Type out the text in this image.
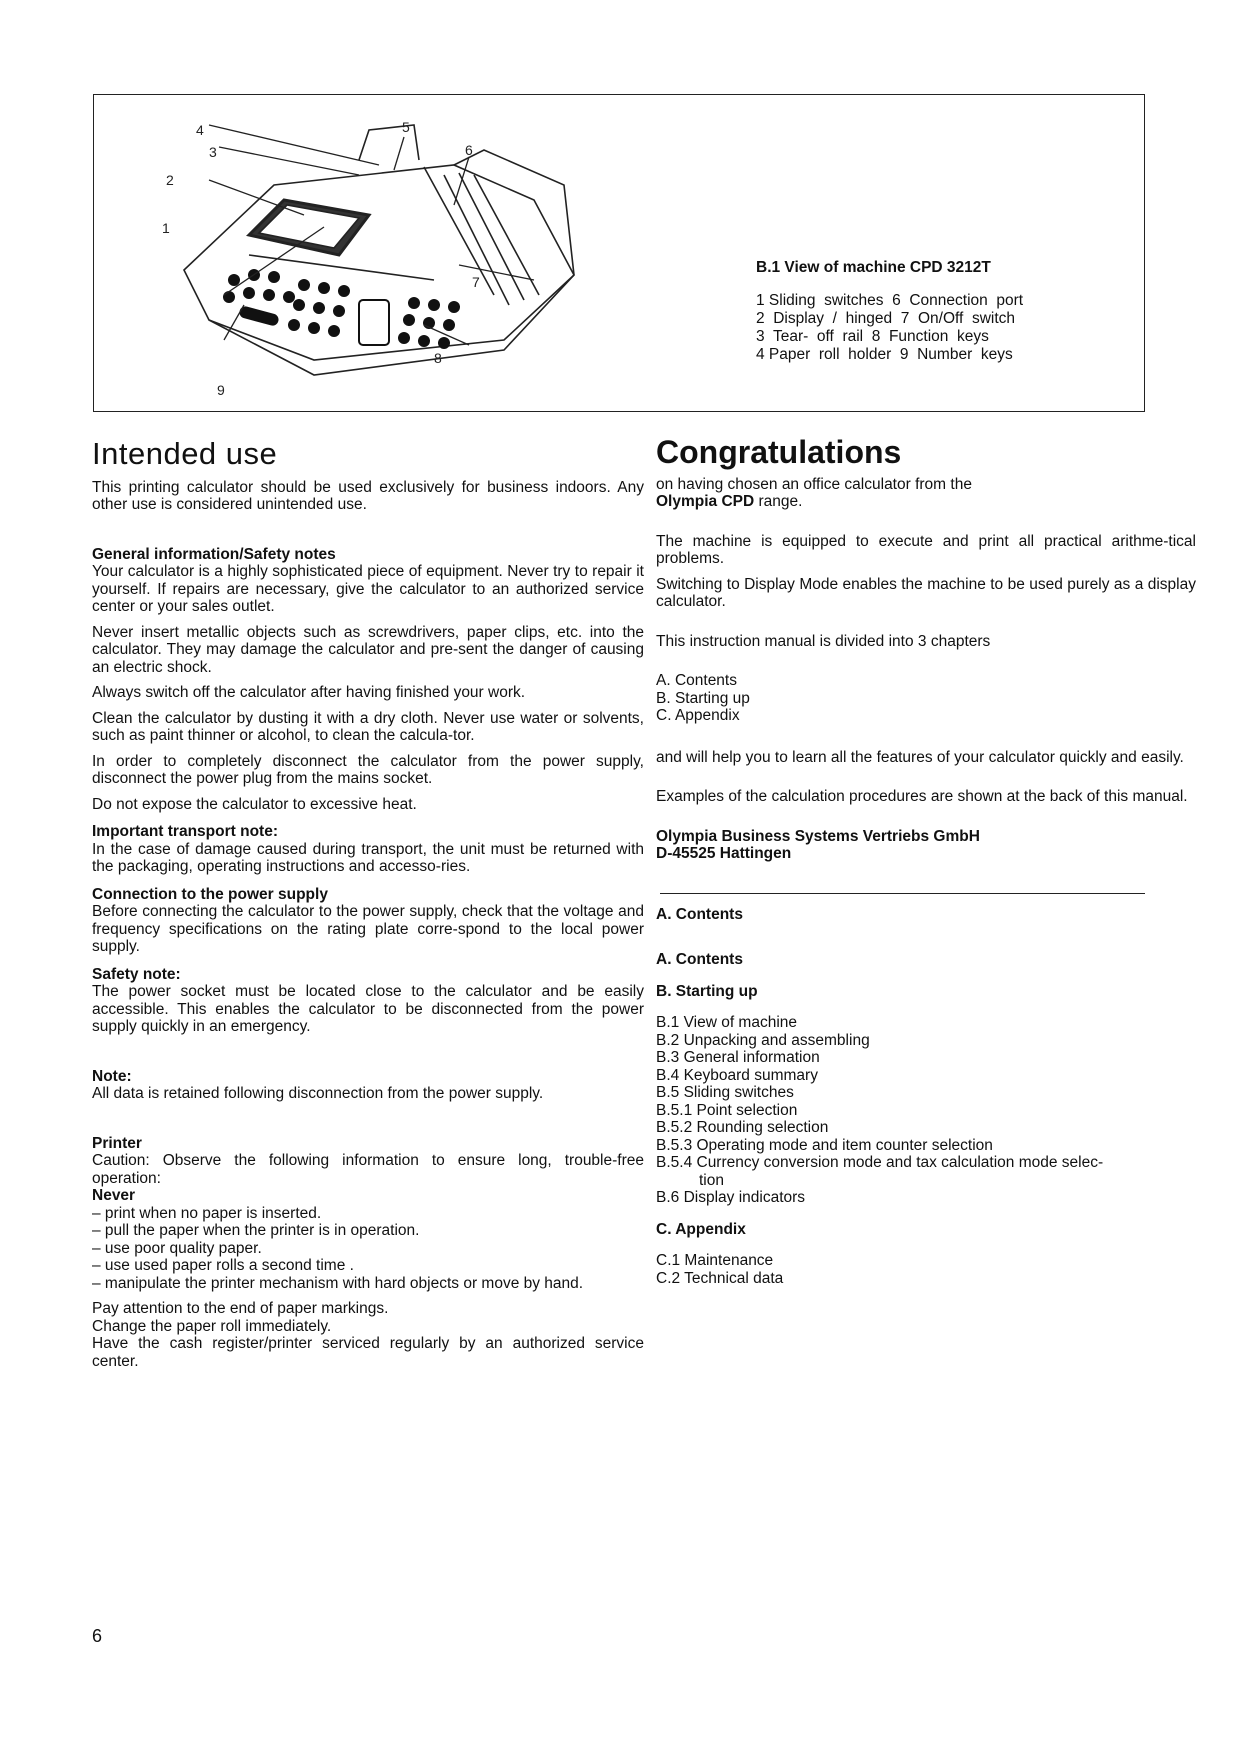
1
2
3
4	5
6
7
8
9
B.1 View of machine CPD 3212T
1 Sliding  switches  6  Connection  port
2  Display  /  hinged  7  On/Off  switch
3  Tear-  off  rail  8  Function  keys
4 Paper  roll  holder  9  Number  keys
Intended use

This printing calculator should be used exclusively for business indoors. Any other use is considered unintended use.

General information/Safety notes

Your calculator is a highly sophisticated piece of equipment. Never try to repair it yourself. If repairs are necessary, give the calculator to an authorized service center or your sales outlet.

Never insert metallic objects such as screwdrivers, paper clips, etc. into the calculator. They may damage the calculator and pre-sent the danger of causing an electric shock.

Always switch off the calculator after having finished your work.

Clean the calculator by dusting it with a dry cloth. Never use water or solvents, such as paint thinner or alcohol, to clean the calcula-tor.

In order to completely disconnect the calculator from the power supply, disconnect the power plug from the mains socket.

Do not expose the calculator to excessive heat.

Important transport note:

In the case of damage caused during transport, the unit must be returned with the packaging, operating instructions and accesso-ries.

Connection to the power supply

Before connecting the calculator to the power supply, check that the voltage and frequency specifications on the rating plate corre-spond to the local power supply.

Safety note:

The power socket must be located close to the calculator and be easily accessible. This enables the calculator to be disconnected from the power supply quickly in an emergency.

Note:

All data is retained following disconnection from the power supply.

Printer

Caution: Observe the following information to ensure long, trouble-free operation:

Never

– print when no paper is inserted.

– pull the paper when the printer is in operation.

– use poor quality paper.

– use used paper rolls a second time .

– manipulate the printer mechanism with hard objects or move by hand.

Pay attention to the end of paper markings.

Change the paper roll immediately.

Have the cash register/printer serviced regularly by an authorized service center.

Congratulations

on having chosen an office calculator from the

Olympia CPD range.

The machine is equipped to execute and print all practical arithme-tical problems.

Switching to Display Mode enables the machine to be used purely as a display calculator.

This instruction manual is divided into 3 chapters

A. Contents

B. Starting up

C. Appendix

and will help you to learn all the features of your calculator quickly and easily.

Examples of the calculation procedures are shown at the back of this manual.

Olympia Business Systems Vertriebs GmbH
D-45525 Hattingen
A. Contents
A. Contents
B. Starting up
B.1 View of machine
B.2 Unpacking and assembling
B.3 General information
B.4 Keyboard summary
B.5 Sliding switches
B.5.1 Point selection
B.5.2 Rounding selection
B.5.3 Operating mode and item counter selection
B.5.4 Currency conversion mode and tax calculation mode selec-
tion
B.6 Display indicators
C. Appendix
C.1 Maintenance
C.2 Technical data
6
